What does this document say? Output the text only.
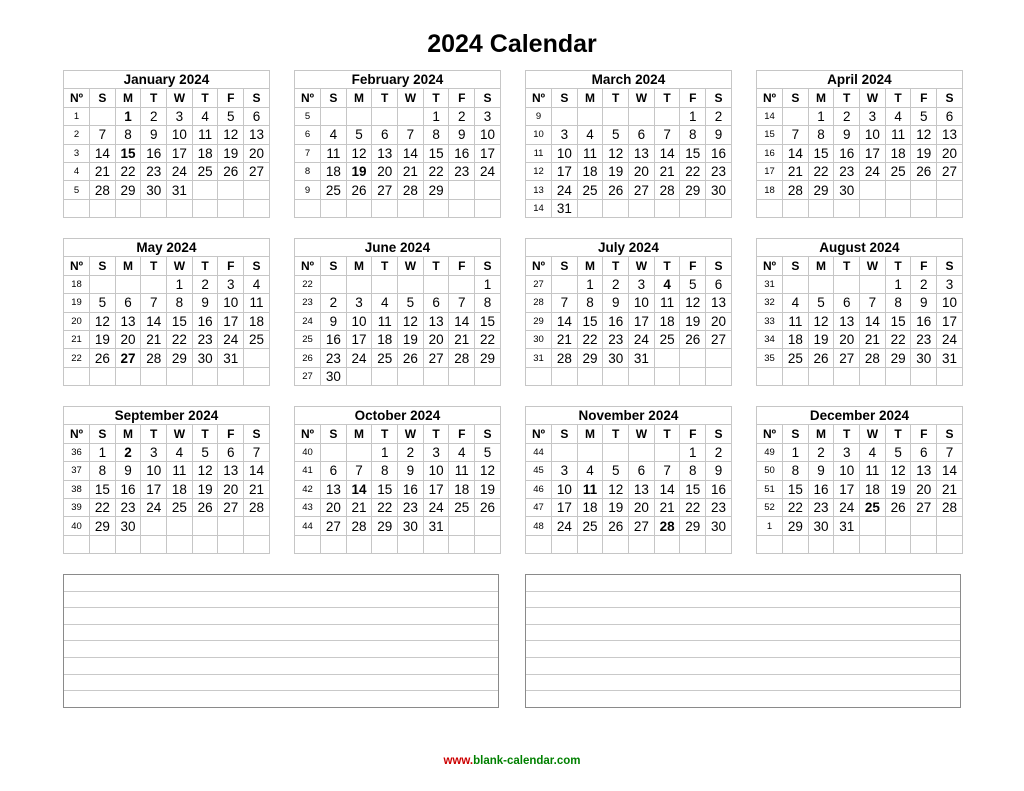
2024 Calendar
January 2024							
Nº	S	M	T	W	T	F	S
1		1	2	3	4	5	6
2	7	8	9	10	11	12	13
3	14	15	16	17	18	19	20
4	21	22	23	24	25	26	27
5	28	29	30	31			

February 2024							
Nº	S	M	T	W	T	F	S
5					1	2	3
6	4	5	6	7	8	9	10
7	11	12	13	14	15	16	17
8	18	19	20	21	22	23	24
9	25	26	27	28	29		

March 2024							
Nº	S	M	T	W	T	F	S
9						1	2
10	3	4	5	6	7	8	9
11	10	11	12	13	14	15	16
12	17	18	19	20	21	22	23
13	24	25	26	27	28	29	30
14	31						
April 2024							
Nº	S	M	T	W	T	F	S
14		1	2	3	4	5	6
15	7	8	9	10	11	12	13
16	14	15	16	17	18	19	20
17	21	22	23	24	25	26	27
18	28	29	30				

May 2024							
Nº	S	M	T	W	T	F	S
18				1	2	3	4
19	5	6	7	8	9	10	11
20	12	13	14	15	16	17	18
21	19	20	21	22	23	24	25
22	26	27	28	29	30	31	

June 2024							
Nº	S	M	T	W	T	F	S
22							1
23	2	3	4	5	6	7	8
24	9	10	11	12	13	14	15
25	16	17	18	19	20	21	22
26	23	24	25	26	27	28	29
27	30						
July 2024							
Nº	S	M	T	W	T	F	S
27		1	2	3	4	5	6
28	7	8	9	10	11	12	13
29	14	15	16	17	18	19	20
30	21	22	23	24	25	26	27
31	28	29	30	31			

August 2024							
Nº	S	M	T	W	T	F	S
31					1	2	3
32	4	5	6	7	8	9	10
33	11	12	13	14	15	16	17
34	18	19	20	21	22	23	24
35	25	26	27	28	29	30	31

September 2024							
Nº	S	M	T	W	T	F	S
36	1	2	3	4	5	6	7
37	8	9	10	11	12	13	14
38	15	16	17	18	19	20	21
39	22	23	24	25	26	27	28
40	29	30					

October 2024							
Nº	S	M	T	W	T	F	S
40			1	2	3	4	5
41	6	7	8	9	10	11	12
42	13	14	15	16	17	18	19
43	20	21	22	23	24	25	26
44	27	28	29	30	31		

November 2024							
Nº	S	M	T	W	T	F	S
44						1	2
45	3	4	5	6	7	8	9
46	10	11	12	13	14	15	16
47	17	18	19	20	21	22	23
48	24	25	26	27	28	29	30

December 2024							
Nº	S	M	T	W	T	F	S
49	1	2	3	4	5	6	7
50	8	9	10	11	12	13	14
51	15	16	17	18	19	20	21
52	22	23	24	25	26	27	28
1	29	30	31				

www.blank-calendar.com
